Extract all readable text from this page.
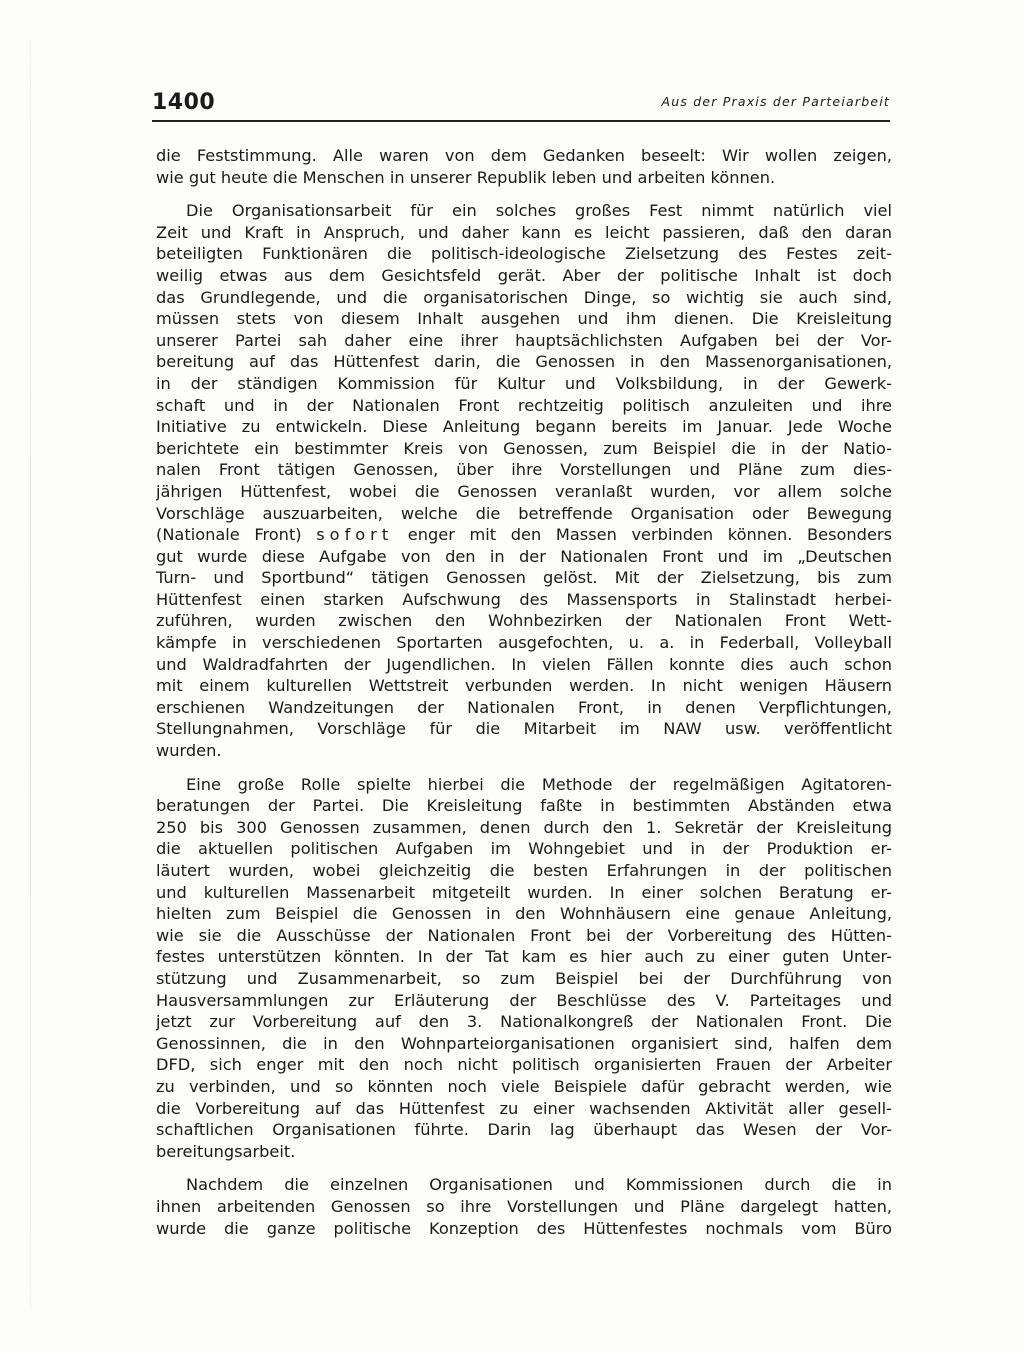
1400	Aus der Praxis der Parteiarbeit
die Feststimmung. Alle waren von dem Gedanken beseelt: Wir wollen zeigen,
wie gut heute die Menschen in unserer Republik leben und arbeiten können.
Die Organisationsarbeit für ein solches großes Fest nimmt natürlich viel
Zeit und Kraft in Anspruch, und daher kann es leicht passieren, daß den daran
beteiligten Funktionären die politisch-ideologische Zielsetzung des Festes zeit-
weilig etwas aus dem Gesichtsfeld gerät. Aber der politische Inhalt ist doch
das Grundlegende, und die organisatorischen Dinge, so wichtig sie auch sind,
müssen stets von diesem Inhalt ausgehen und ihm dienen. Die Kreisleitung
unserer Partei sah daher eine ihrer hauptsächlichsten Aufgaben bei der Vor-
bereitung auf das Hüttenfest darin, die Genossen in den Massenorganisationen,
in der ständigen Kommission für Kultur und Volksbildung, in der Gewerk-
schaft und in der Nationalen Front rechtzeitig politisch anzuleiten und ihre
Initiative zu entwickeln. Diese Anleitung begann bereits im Januar. Jede Woche
berichtete ein bestimmter Kreis von Genossen, zum Beispiel die in der Natio-
nalen Front tätigen Genossen, über ihre Vorstellungen und Pläne zum dies-
jährigen Hüttenfest, wobei die Genossen veranlaßt wurden, vor allem solche
Vorschläge auszuarbeiten, welche die betreffende Organisation oder Bewegung
(Nationale Front) sofort enger mit den Massen verbinden können. Besonders
gut wurde diese Aufgabe von den in der Nationalen Front und im „Deutschen
Turn- und Sportbund“ tätigen Genossen gelöst. Mit der Zielsetzung, bis zum
Hüttenfest einen starken Aufschwung des Massensports in Stalinstadt herbei-
zuführen, wurden zwischen den Wohnbezirken der Nationalen Front Wett-
kämpfe in verschiedenen Sportarten ausgefochten, u. a. in Federball, Volleyball
und Waldradfahrten der Jugendlichen. In vielen Fällen konnte dies auch schon
mit einem kulturellen Wettstreit verbunden werden. In nicht wenigen Häusern
erschienen Wandzeitungen der Nationalen Front, in denen Verpflichtungen,
Stellungnahmen, Vorschläge für die Mitarbeit im NAW usw. veröffentlicht
wurden.
Eine große Rolle spielte hierbei die Methode der regelmäßigen Agitatoren-
beratungen der Partei. Die Kreisleitung faßte in bestimmten Abständen etwa
250 bis 300 Genossen zusammen, denen durch den 1. Sekretär der Kreisleitung
die aktuellen politischen Aufgaben im Wohngebiet und in der Produktion er-
läutert wurden, wobei gleichzeitig die besten Erfahrungen in der politischen
und kulturellen Massenarbeit mitgeteilt wurden. In einer solchen Beratung er-
hielten zum Beispiel die Genossen in den Wohnhäusern eine genaue Anleitung,
wie sie die Ausschüsse der Nationalen Front bei der Vorbereitung des Hütten-
festes unterstützen könnten. In der Tat kam es hier auch zu einer guten Unter-
stützung und Zusammenarbeit, so zum Beispiel bei der Durchführung von
Hausversammlungen zur Erläuterung der Beschlüsse des V. Parteitages und
jetzt zur Vorbereitung auf den 3. Nationalkongreß der Nationalen Front. Die
Genossinnen, die in den Wohnparteiorganisationen organisiert sind, halfen dem
DFD, sich enger mit den noch nicht politisch organisierten Frauen der Arbeiter
zu verbinden, und so könnten noch viele Beispiele dafür gebracht werden, wie
die Vorbereitung auf das Hüttenfest zu einer wachsenden Aktivität aller gesell-
schaftlichen Organisationen führte. Darin lag überhaupt das Wesen der Vor-
bereitungsarbeit.
Nachdem die einzelnen Organisationen und Kommissionen durch die in
ihnen arbeitenden Genossen so ihre Vorstellungen und Pläne dargelegt hatten,
wurde die ganze politische Konzeption des Hüttenfestes nochmals vom Büro
